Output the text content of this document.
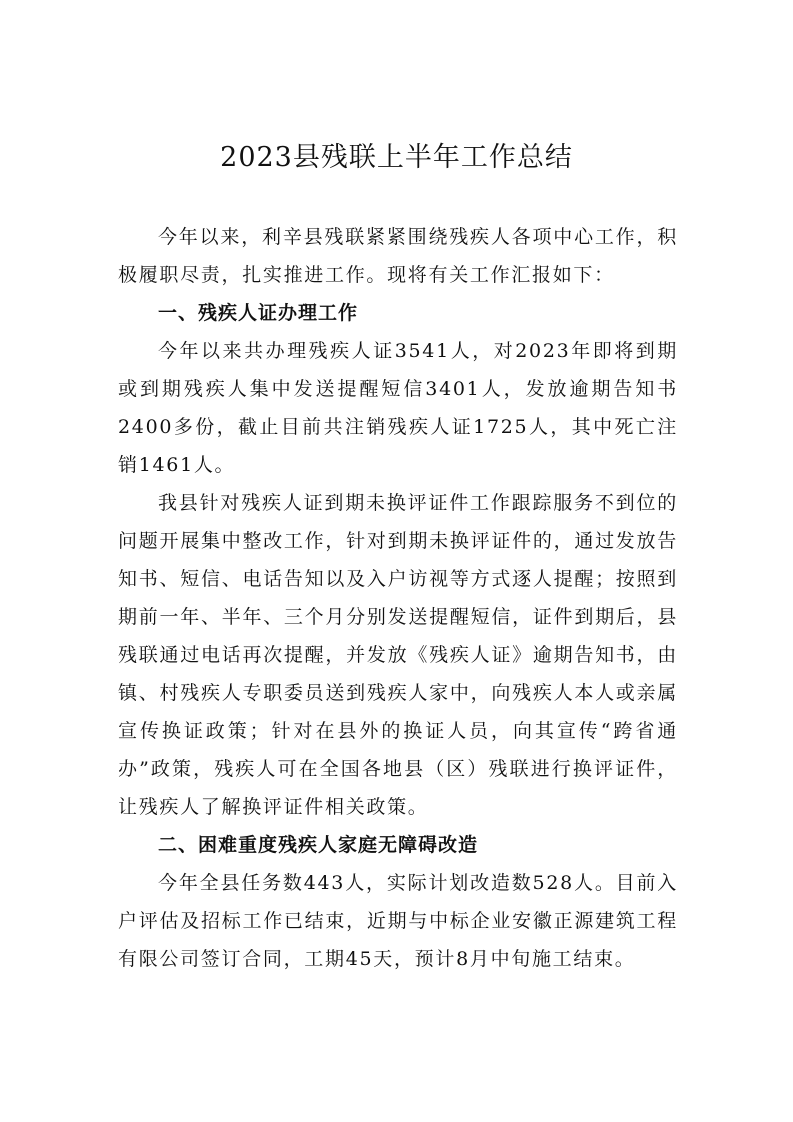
2023县残联上半年工作总结

今年以来，利辛县残联紧紧围绕残疾人各项中心工作，积极履职尽责，扎实推进工作。现将有关工作汇报如下：

一、残疾人证办理工作

今年以来共办理残疾人证3541人，对2023年即将到期或到期残疾人集中发送提醒短信3401人，发放逾期告知书2400多份，截止目前共注销残疾人证1725人，其中死亡注销1461人。

我县针对残疾人证到期未换评证件工作跟踪服务不到位的问题开展集中整改工作，针对到期未换评证件的，通过发放告知书、短信、电话告知以及入户访视等方式逐人提醒；按照到期前一年、半年、三个月分别发送提醒短信，证件到期后，县残联通过电话再次提醒，并发放《残疾人证》逾期告知书，由镇、村残疾人专职委员送到残疾人家中，向残疾人本人或亲属宣传换证政策；针对在县外的换证人员，向其宣传“跨省通办”政策，残疾人可在全国各地县（区）残联进行换评证件，让残疾人了解换评证件相关政策。

二、困难重度残疾人家庭无障碍改造

今年全县任务数443人，实际计划改造数528人。目前入户评估及招标工作已结束，近期与中标企业安徽正源建筑工程有限公司签订合同，工期45天，预计8月中旬施工结束。
